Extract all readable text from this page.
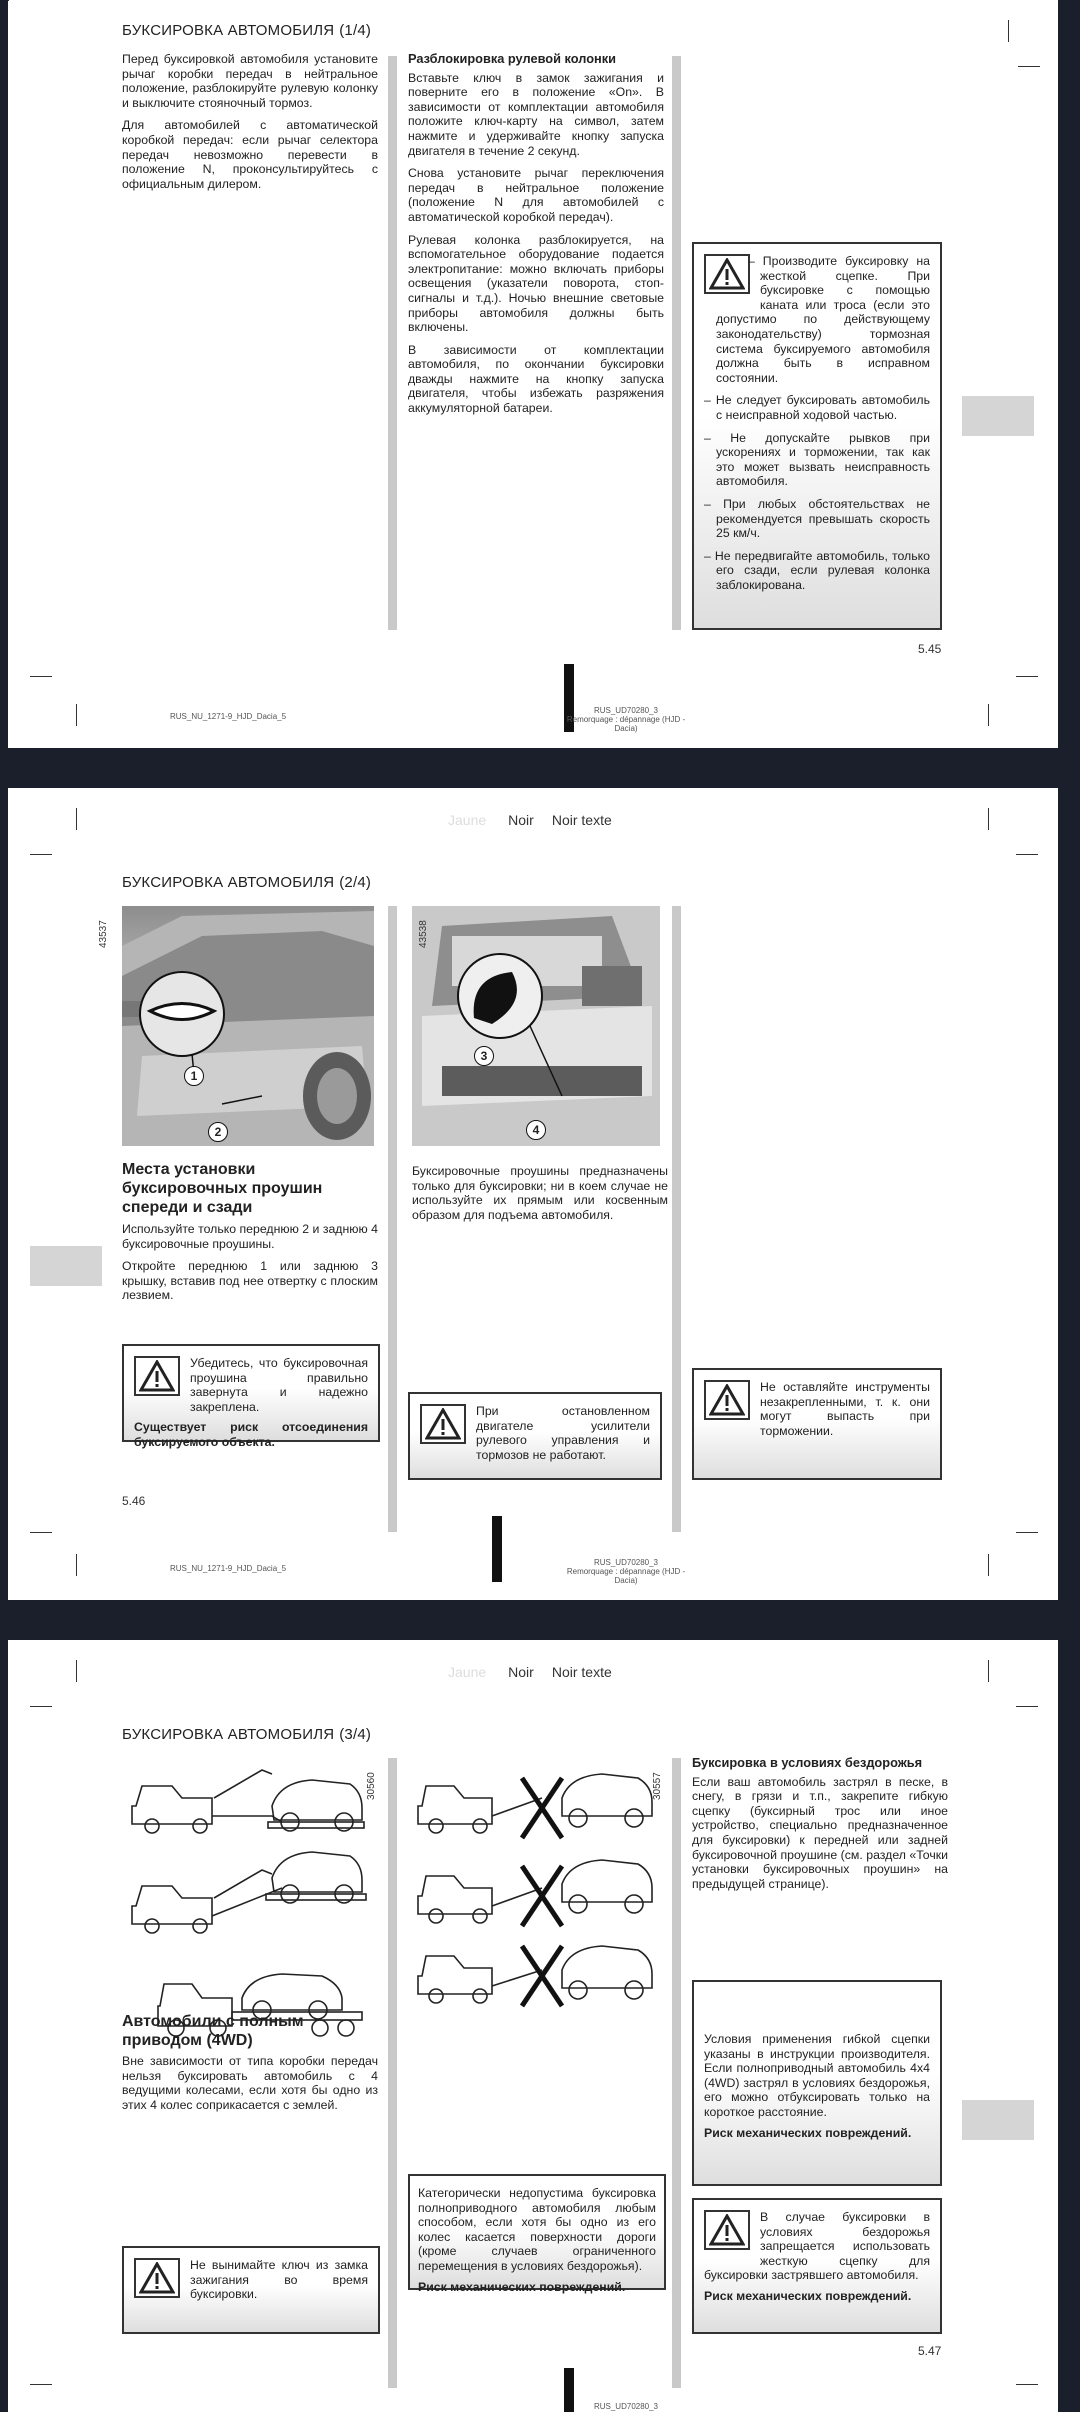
БУКСИРОВКА АВТОМОБИЛЯ (1/4)

Перед буксировкой автомобиля установите рычаг коробки передач в нейтральное положение, разблокируйте рулевую колонку и выключите стояночный тормоз.

Для автомобилей с автоматической коробкой передач: если рычаг селектора передач невозможно перевести в положение N, проконсультируйтесь с официальным дилером.

Разблокировка рулевой колонки

Вставьте ключ в замок зажигания и поверните его в положение «On». В зависимости от комплектации автомобиля положите ключ-карту на символ, затем нажмите и удерживайте кнопку запуска двигателя в течение 2 секунд.

Снова установите рычаг переключения передач в нейтральное положение (положение N для автомобилей с автоматической коробкой передач).

Рулевая колонка разблокируется, на вспомогательное оборудование подается электропитание: можно включать приборы освещения (указатели поворота, стоп-сигналы и т.д.). Ночью внешние световые приборы автомобиля должны быть включены.

В зависимости от комплектации автомобиля, по окончании буксировки дважды нажмите на кнопку запуска двигателя, чтобы избежать разряжения аккумуляторной батареи.

– Производите буксировку на жесткой сцепке. При буксировке с помощью каната или троса (если это допустимо по действующему законодательству) тормозная система буксируемого автомобиля должна быть в исправном состоянии.
– Не следует буксировать автомобиль с неисправной ходовой частью.
– Не допускайте рывков при ускорениях и торможении, так как это может вызвать неисправность автомобиля.
– При любых обстоятельствах не рекомендуется превышать скорость 25 км/ч.
– Не передвигайте автомобиль, только его сзади, если рулевая колонка заблокирована.
5.45
RUS_NU_1271-9_HJD_Dacia_5
RUS_UD70280_3
Remorquage : dépannage (HJD - Dacia)
Jaune Noir Noir texte
БУКСИРОВКА АВТОМОБИЛЯ (2/4)
1
2
43537
3
4
43538
Места установки буксировочных проушин спереди и сзади

Используйте только переднюю 2 и заднюю 4 буксировочные проушины.

Откройте переднюю 1 или заднюю 3 крышку, вставив под нее отвертку с плоским лезвием.

Буксировочные проушины предназначены только для буксировки; ни в коем случае не используйте их прямым или косвенным образом для подъема автомобиля.

Убедитесь, что буксировочная проушина правильно завернута и надежно закреплена.

Существует риск отсоединения буксируемого объекта.

При остановленном двигателе усилители рулевого управления и тормозов не работают.

Не оставляйте инструменты незакрепленными, т. к. они могут выпасть при торможении.

5.46
RUS_NU_1271-9_HJD_Dacia_5
RUS_UD70280_3
Remorquage : dépannage (HJD - Dacia)
Jaune Noir Noir texte
БУКСИРОВКА АВТОМОБИЛЯ (3/4)
30560	30557
Автомобили с полным приводом (4WD)

Вне зависимости от типа коробки передач нельзя буксировать автомобиль с 4 ведущими колесами, если хотя бы одно из этих 4 колес соприкасается с землей.

Категорически недопустима буксировка полноприводного автомобиля любым способом, если хотя бы одно из его колес касается поверхности дороги (кроме случаев ограниченного перемещения в условиях бездорожья).

Риск механических повреждений.

Буксировка в условиях бездорожья

Если ваш автомобиль застрял в песке, в снегу, в грязи и т.п., закрепите гибкую сцепку (буксирный трос или иное устройство, специально предназначенное для буксировки) к передней или задней буксировочной проушине (см. раздел «Точки установки буксировочных проушин» на предыдущей странице).

Условия применения гибкой сцепки указаны в инструкции производителя. Если полноприводный автомобиль 4x4 (4WD) застрял в условиях бездорожья, его можно отбуксировать только на короткое расстояние.

Риск механических повреждений.

Не вынимайте ключ из замка зажигания во время буксировки.

В случае буксировки в условиях бездорожья запрещается использовать жесткую сцепку для буксировки застрявшего автомобиля.

Риск механических повреждений.

5.47
RUS_UD70280_3
